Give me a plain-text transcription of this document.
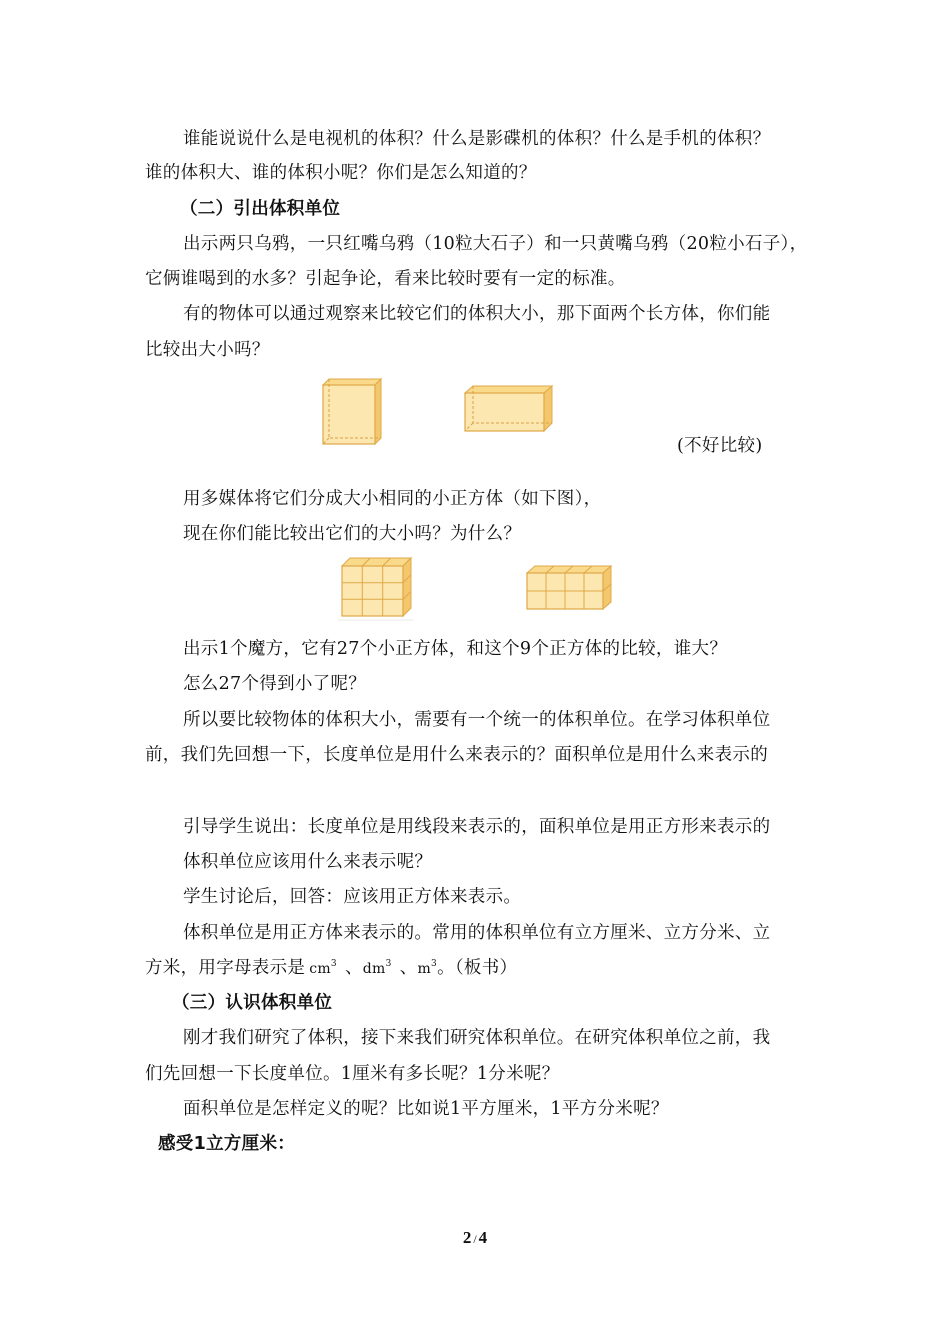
谁能说说什么是电视机的体积？什么是影碟机的体积？什么是手机的体积？
谁的体积大、谁的体积小呢？你们是怎么知道的？
（二）引出体积单位
出示两只乌鸦，一只红嘴乌鸦（10粒大石子）和一只黄嘴乌鸦（20粒小石子），
它俩谁喝到的水多？引起争论，看来比较时要有一定的标准。
有的物体可以通过观察来比较它们的体积大小，那下面两个长方体，你们能
比较出大小吗？
(不好比较)
用多媒体将它们分成大小相同的小正方体（如下图），
现在你们能比较出它们的大小吗？为什么？
出示1个魔方，它有27个小正方体，和这个9个正方体的比较，谁大？
怎么27个得到小了呢？
所以要比较物体的体积大小，需要有一个统一的体积单位。在学习体积单位
前，我们先回想一下，长度单位是用什么来表示的？面积单位是用什么来表示的
引导学生说出：长度单位是用线段来表示的，面积单位是用正方形来表示的
体积单位应该用什么来表示呢？
学生讨论后，回答：应该用正方体来表示。
体积单位是用正方体来表示的。常用的体积单位有立方厘米、立方分米、立
方米，用字母表示是 $cm^3$ 、$dm^3$ 、$m^3$。（板书）
（三）认识体积单位
刚才我们研究了体积，接下来我们研究体积单位。在研究体积单位之前，我
们先回想一下长度单位。1厘米有多长呢？1分米呢？
面积单位是怎样定义的呢？比如说1平方厘米，1平方分米呢？
感受1立方厘米：
2 / 4
